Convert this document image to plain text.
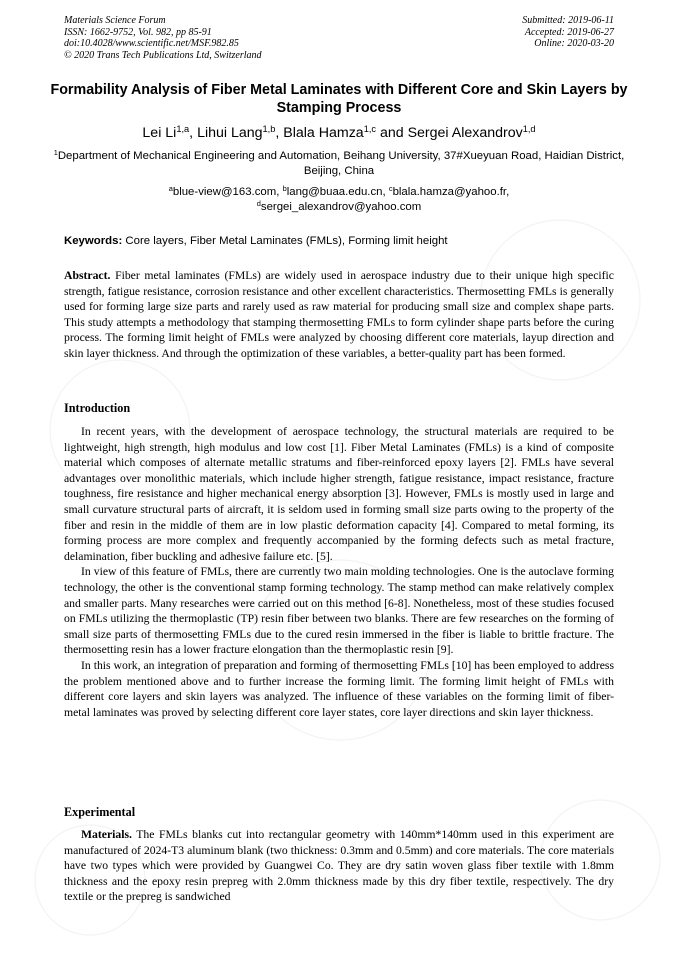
Materials Science Forum
ISSN: 1662-9752, Vol. 982, pp 85-91
doi:10.4028/www.scientific.net/MSF.982.85
© 2020 Trans Tech Publications Ltd, Switzerland
Submitted: 2019-06-11
Accepted: 2019-06-27
Online: 2020-03-20
Formability Analysis of Fiber Metal Laminates with Different Core and Skin Layers by Stamping Process
Lei Li$^{1,a}$, Lihui Lang$^{1,b}$, Blala Hamza$^{1,c}$ and Sergei Alexandrov$^{1,d}$
$^1$Department of Mechanical Engineering and Automation, Beihang University, 37#Xueyuan Road, Haidian District, Beijing, China
$^a$blue-view@163.com, $^b$lang@buaa.edu.cn, $^c$blala.hamza@yahoo.fr,
$^d$sergei_alexandrov@yahoo.com
Keywords: Core layers, Fiber Metal Laminates (FMLs), Forming limit height

Abstract. Fiber metal laminates (FMLs) are widely used in aerospace industry due to their unique high specific strength, fatigue resistance, corrosion resistance and other excellent characteristics. Thermosetting FMLs is generally used for forming large size parts and rarely used as raw material for producing small size and complex shape parts. This study attempts a methodology that stamping thermosetting FMLs to form cylinder shape parts before the curing process. The forming limit height of FMLs were analyzed by choosing different core materials, layup direction and skin layer thickness. And through the optimization of these variables, a better-quality part has been formed.

Introduction

In recent years, with the development of aerospace technology, the structural materials are required to be lightweight, high strength, high modulus and low cost [1]. Fiber Metal Laminates (FMLs) is a kind of composite material which composes of alternate metallic stratums and fiber-reinforced epoxy layers [2]. FMLs have several advantages over monolithic materials, which include higher strength, fatigue resistance, impact resistance, fracture toughness, fire resistance and higher mechanical energy absorption [3]. However, FMLs is mostly used in large and small curvature structural parts of aircraft, it is seldom used in forming small size parts owing to the property of the fiber and resin in the middle of them are in low plastic deformation capacity [4]. Compared to metal forming, its forming process are more complex and frequently accompanied by the forming defects such as metal fracture, delamination, fiber buckling and adhesive failure etc. [5].

In view of this feature of FMLs, there are currently two main molding technologies. One is the autoclave forming technology, the other is the conventional stamp forming technology. The stamp method can make relatively complex and smaller parts. Many researches were carried out on this method [6-8]. Nonetheless, most of these studies focused on FMLs utilizing the thermoplastic (TP) resin fiber between two blanks. There are few researches on the forming of small size parts of thermosetting FMLs due to the cured resin immersed in the fiber is liable to brittle fracture. The thermosetting resin has a lower fracture elongation than the thermoplastic resin [9].

In this work, an integration of preparation and forming of thermosetting FMLs [10] has been employed to address the problem mentioned above and to further increase the forming limit. The forming limit height of FMLs with different core layers and skin layers was analyzed. The influence of these variables on the forming limit of fiber-metal laminates was proved by selecting different core layer states, core layer directions and skin layer thickness.

Experimental

Materials. The FMLs blanks cut into rectangular geometry with 140mm*140mm used in this experiment are manufactured of 2024-T3 aluminum blank (two thickness: 0.3mm and 0.5mm) and core materials. The core materials have two types which were provided by Guangwei Co. They are dry satin woven glass fiber textile with 1.8mm thickness and the epoxy resin prepreg with 2.0mm thickness made by this dry fiber textile, respectively. The dry textile or the prepreg is sandwiched
